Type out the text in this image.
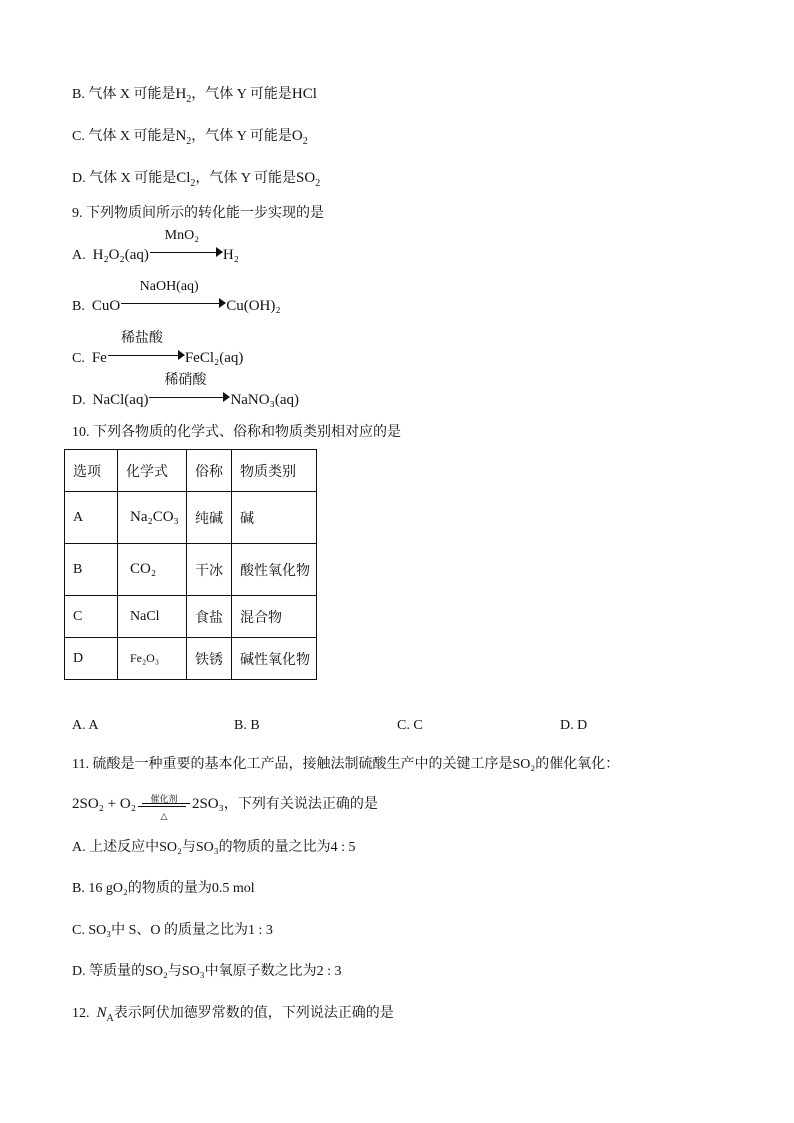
B. 气体 X 可能是$H_2$，气体 Y 可能是HCl
C. 气体 X 可能是$N_2$，气体 Y 可能是$O_2$
D. 气体 X 可能是$Cl_2$，气体 Y 可能是$SO_2$
9. 下列物质间所示的转化能一步实现的是
A. H₂O₂(aq)
MnO₂
H₂
B. CuO
NaOH(aq)
Cu(OH)₂
C. Fe
稀盐酸
FeCl₂(aq)
D. NaCl(aq)
稀硝酸
NaNO₃(aq)
10. 下列各物质的化学式、俗称和物质类别相对应的是
选项	化学式	俗称	物质类别
A	Na₂CO₃	纯碱	碱
B	CO₂	干冰	酸性氧化物
C	NaCl	食盐	混合物
D	Fe₂O₃	铁锈	碱性氧化物
A. A	B. B	C. C	D. D
11. 硫酸是一种重要的基本化工产品，接触法制硫酸生产中的关键工序是SO₂的催化氧化：
2SO₂ + O₂	催化剂
△
2SO₃，下列有关说法正确的是
A. 上述反应中SO₂与SO₃的物质的量之比为4 : 5
B. 16 gO₂的物质的量为0.5 mol
C. SO₃中 S、O 的质量之比为1 : 3
D. 等质量的SO₂与SO₃中氧原子数之比为2 : 3
12. $N_A$表示阿伏加德罗常数的值，下列说法正确的是
